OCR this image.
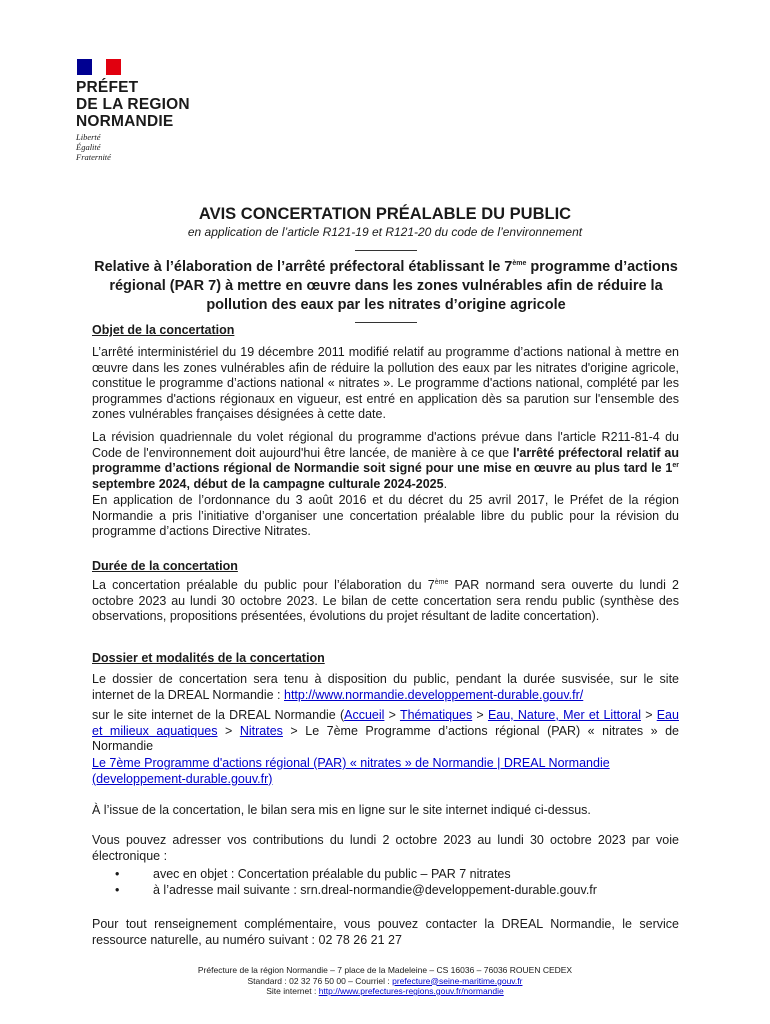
PRÉFET
DE LA REGION
NORMANDIE
Liberté
Égalité
Fraternité
AVIS CONCERTATION PRÉALABLE DU PUBLIC
en application de l’article R121-19 et R121-20 du code de l’environnement
Relative à l’élaboration de l’arrêté préfectoral établissant le 7ème programme d’actions régional (PAR 7) à mettre en œuvre dans les zones vulnérables afin de réduire la pollution des eaux par les nitrates d’origine agricole
Objet de la concertation
L’arrêté interministériel du 19 décembre 2011 modifié relatif au programme d’actions national à mettre en œuvre dans les zones vulnérables afin de réduire la pollution des eaux par les nitrates d'origine agricole, constitue le programme d’actions national « nitrates ». Le programme d'actions national, complété par les programmes d'actions régionaux en vigueur, est entré en application dès sa parution sur l'ensemble des zones vulnérables françaises désignées à cette date.
La révision quadriennale du volet régional du programme d'actions prévue dans l'article R211-81-4 du Code de l'environnement doit aujourd'hui être lancée, de manière à ce que l'arrêté préfectoral relatif au programme d’actions régional de Normandie soit signé pour une mise en œuvre au plus tard le 1er septembre 2024, début de la campagne culturale 2024-2025.
En application de l’ordonnance du 3 août 2016 et du décret du 25 avril 2017, le Préfet de la région Normandie a pris l’initiative d’organiser une concertation préalable libre du public pour la révision du programme d’actions Directive Nitrates.
Durée de la concertation
La concertation préalable du public pour l’élaboration du 7ème PAR normand sera ouverte du lundi 2 octobre 2023 au lundi 30 octobre 2023. Le bilan de cette concertation sera rendu public (synthèse des observations, propositions présentées, évolutions du projet résultant de ladite concertation).
Dossier et modalités de la concertation
Le dossier de concertation sera tenu à disposition du public, pendant la durée susvisée, sur le site internet de la DREAL Normandie : http://www.normandie.developpement-durable.gouv.fr/
sur le site internet de la DREAL Normandie (Accueil > Thématiques > Eau, Nature, Mer et Littoral > Eau et milieux aquatiques > Nitrates > Le 7ème Programme d’actions régional (PAR) « nitrates » de Normandie
Le 7ème Programme d'actions régional (PAR) « nitrates » de Normandie | DREAL Normandie (developpement-durable.gouv.fr)
À l’issue de la concertation, le bilan sera mis en ligne sur le site internet indiqué ci-dessus.
Vous pouvez adresser vos contributions du lundi 2 octobre 2023 au lundi 30 octobre 2023 par voie électronique :
•	avec en objet : Concertation préalable du public – PAR 7 nitrates
•	à l’adresse mail suivante : srn.dreal-normandie@developpement-durable.gouv.fr
Pour tout renseignement complémentaire, vous pouvez contacter la DREAL Normandie, le service ressource naturelle, au numéro suivant : 02 78 26 21 27
Préfecture de la région Normandie – 7 place de la Madeleine – CS 16036 – 76036 ROUEN CEDEX
Standard : 02 32 76 50 00 – Courriel : prefecture@seine-maritime.gouv.fr
Site internet : http://www.prefectures-regions.gouv.fr/normandie
